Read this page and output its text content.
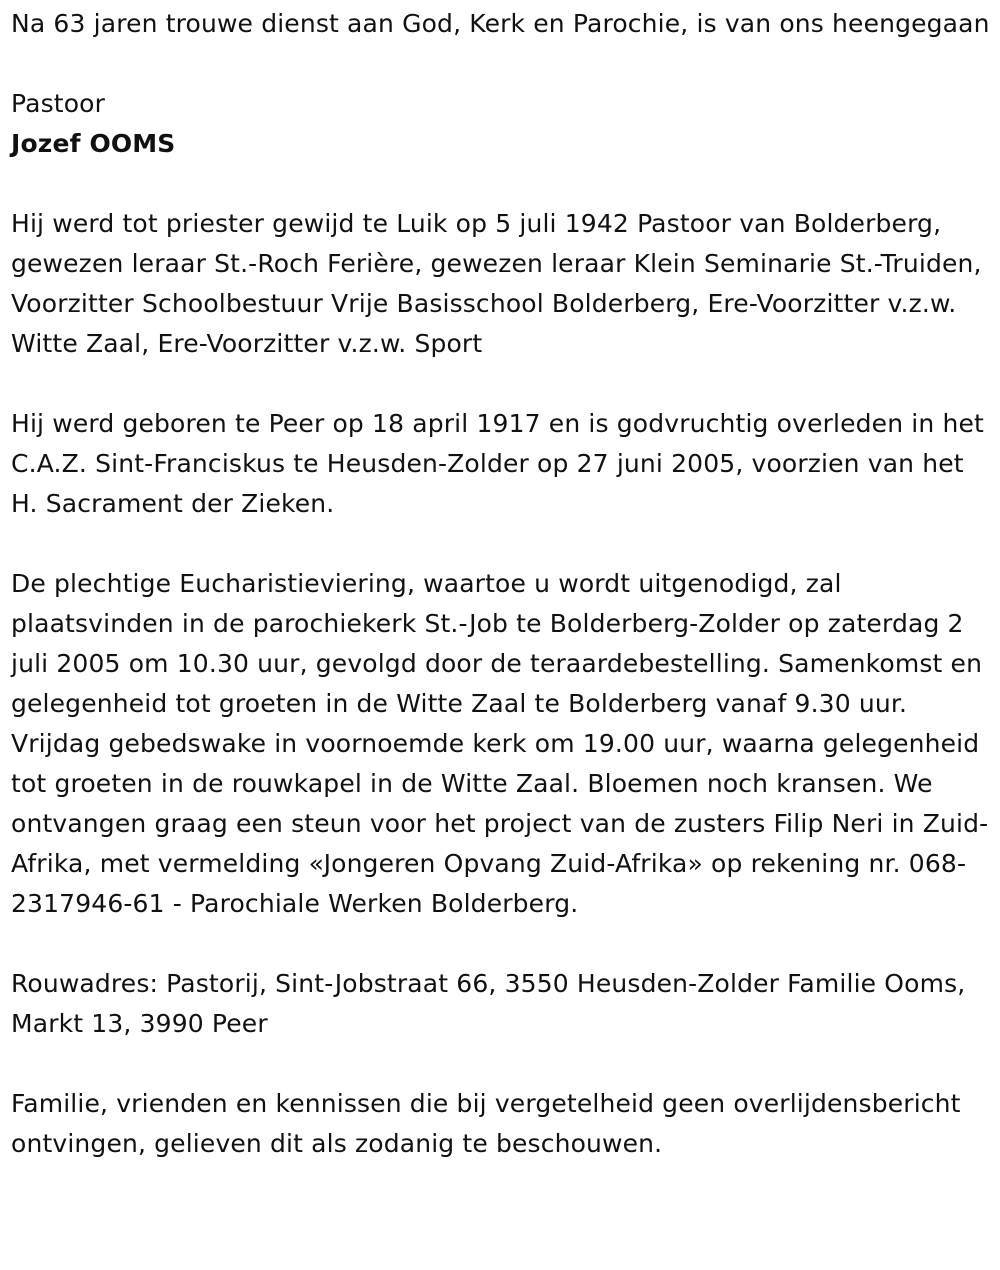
Na 63 jaren trouwe dienst aan God, Kerk en Parochie, is van ons heengegaan

Pastoor

Jozef OOMS

Hij werd tot priester gewijd te Luik op 5 juli 1942 Pastoor van Bolderberg, gewezen leraar St.-Roch Ferière, gewezen leraar Klein Seminarie St.-Truiden, Voorzitter Schoolbestuur Vrije Basisschool Bolderberg, Ere-Voorzitter v.z.w. Witte Zaal, Ere-Voorzitter v.z.w. Sport

Hij werd geboren te Peer op 18 april 1917 en is godvruchtig overleden in het C.A.Z. Sint-Franciskus te Heusden-Zolder op 27 juni 2005, voorzien van het H. Sacrament der Zieken.

De plechtige Eucharistieviering, waartoe u wordt uitgenodigd, zal plaatsvinden in de parochiekerk St.-Job te Bolderberg-Zolder op zaterdag 2 juli 2005 om 10.30 uur, gevolgd door de teraardebestelling. Samenkomst en gelegenheid tot groeten in de Witte Zaal te Bolderberg vanaf 9.30 uur. Vrijdag gebedswake in voornoemde kerk om 19.00 uur, waarna gelegenheid tot groeten in de rouwkapel in de Witte Zaal. Bloemen noch kransen. We ontvangen graag een steun voor het project van de zusters Filip Neri in Zuid-Afrika, met vermelding «Jongeren Opvang Zuid-Afrika» op rekening nr. 068-2317946-61 - Parochiale Werken Bolderberg.

Rouwadres: Pastorij, Sint-Jobstraat 66, 3550 Heusden-Zolder Familie Ooms, Markt 13, 3990 Peer

Familie, vrienden en kennissen die bij vergetelheid geen overlijdensbericht ontvingen, gelieven dit als zodanig te beschouwen.
